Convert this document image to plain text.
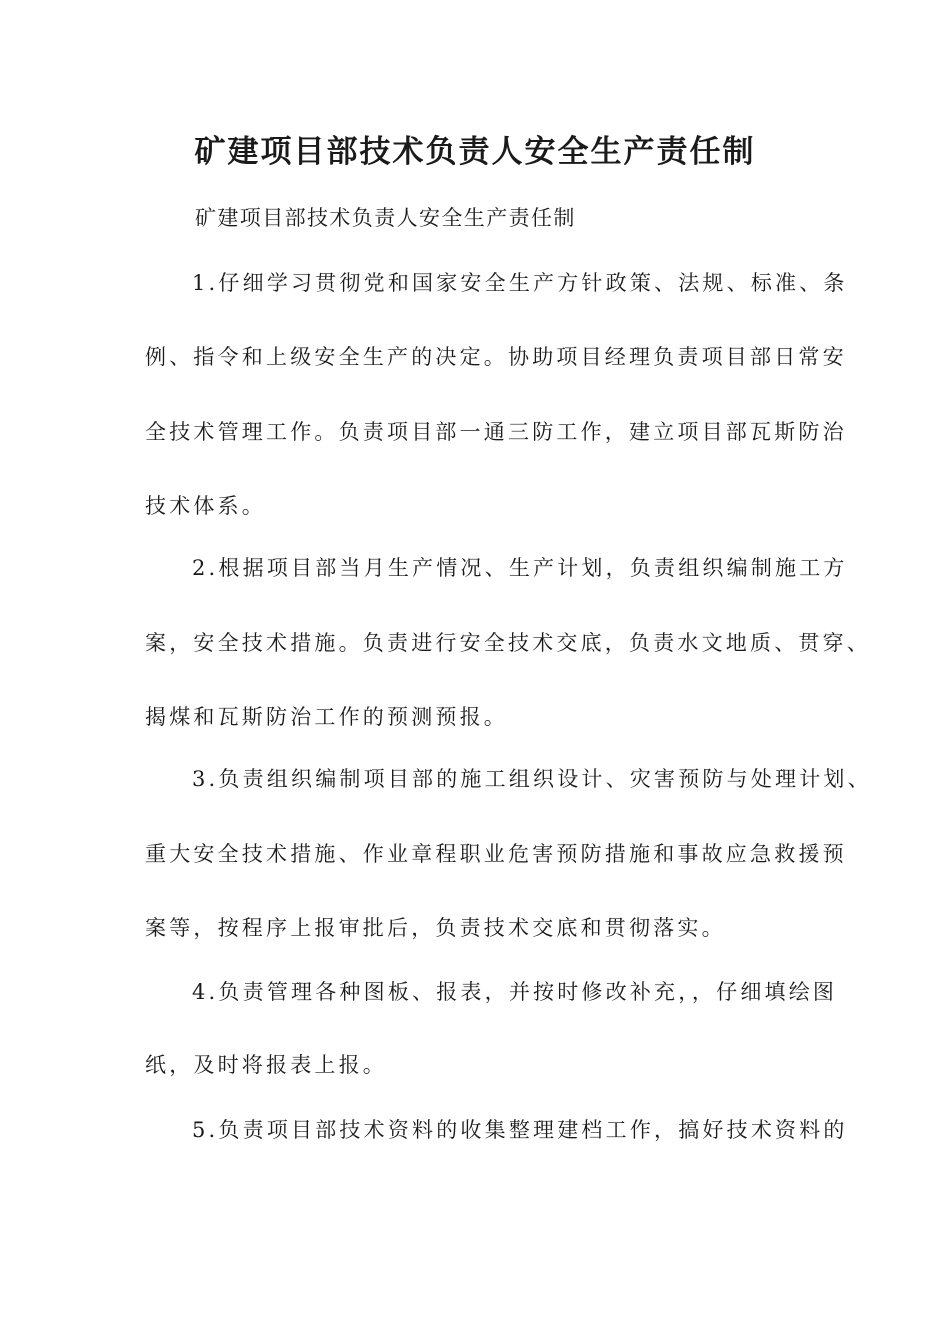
矿建项目部技术负责人安全生产责任制
矿建项目部技术负责人安全生产责任制
1.仔细学习贯彻党和国家安全生产方针政策、法规、标准、条
例、指令和上级安全生产的决定。协助项目经理负责项目部日常安
全技术管理工作。负责项目部一通三防工作，建立项目部瓦斯防治
技术体系。
2.根据项目部当月生产情况、生产计划，负责组织编制施工方
案，安全技术措施。负责进行安全技术交底，负责水文地质、贯穿、
揭煤和瓦斯防治工作的预测预报。
3.负责组织编制项目部的施工组织设计、灾害预防与处理计划、
重大安全技术措施、作业章程职业危害预防措施和事故应急救援预
案等，按程序上报审批后，负责技术交底和贯彻落实。
4.负责管理各种图板、报表，并按时修改补充，，仔细填绘图
纸，及时将报表上报。
5.负责项目部技术资料的收集整理建档工作，搞好技术资料的
